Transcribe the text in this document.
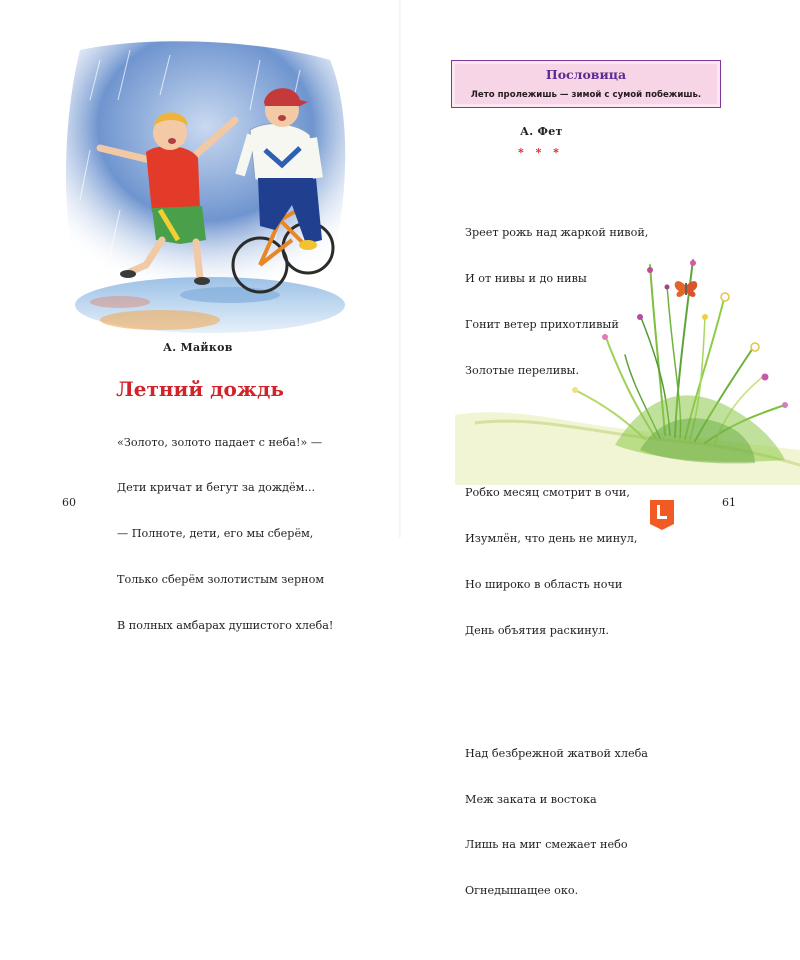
А. Майков
Летний дождь

«Золото, золото падает с неба!» —

Дети кричат и бегут за дождём...

— Полноте, дети, его мы сберём,

Только сберём золотистым зерном

В полных амбарах душистого хлеба!

60
Пословица
Лето пролежишь — зимой с сумой побежишь.
А. Фет
* * *

Зреет рожь над жаркой нивой,

И от нивы и до нивы

Гонит ветер прихотливый

Золотые переливы.

Робко месяц смотрит в очи,

Изумлён, что день не минул,

Но широко в область ночи

День объятия раскинул.

Над безбрежной жатвой хлеба

Меж заката и востока

Лишь на миг смежает небо

Огнедышащее око.

61
